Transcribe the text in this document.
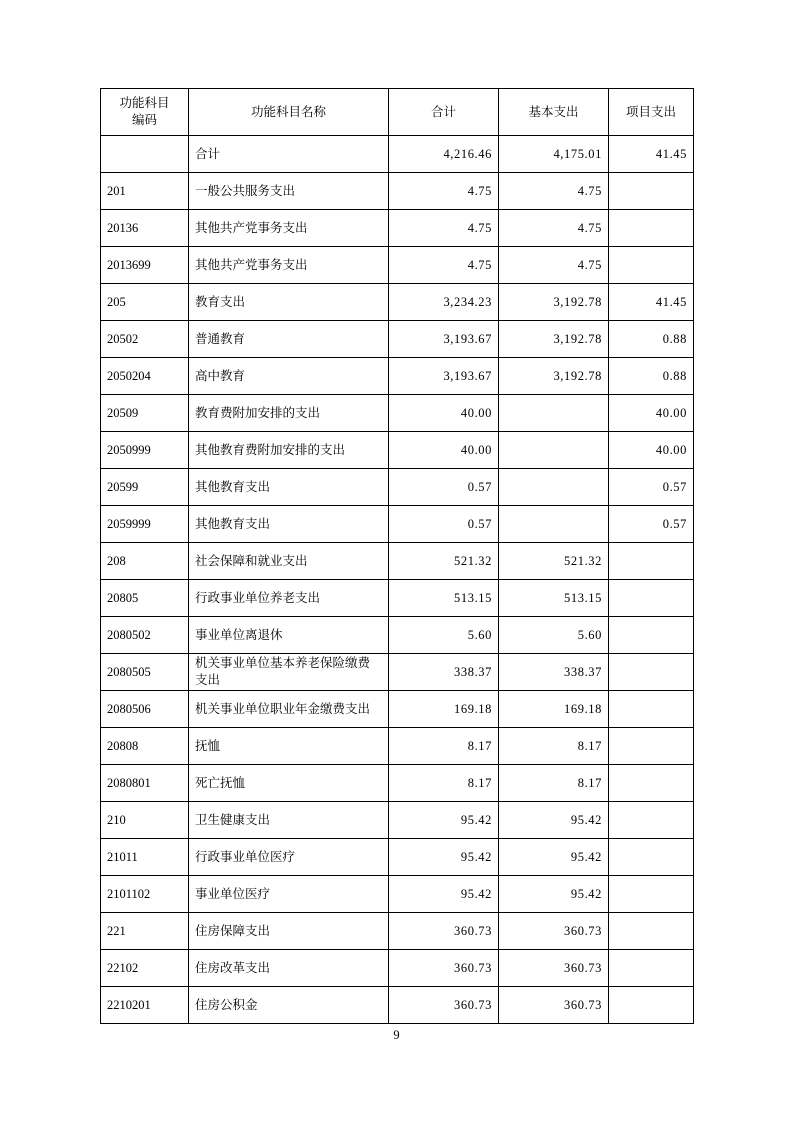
功能科目
编码	功能科目名称	合计	基本支出	项目支出
	合计	4,216.46	4,175.01	41.45
201	一般公共服务支出	4.75	4.75	
20136	其他共产党事务支出	4.75	4.75	
2013699	其他共产党事务支出	4.75	4.75	
205	教育支出	3,234.23	3,192.78	41.45
20502	普通教育	3,193.67	3,192.78	0.88
2050204	高中教育	3,193.67	3,192.78	0.88
20509	教育费附加安排的支出	40.00		40.00
2050999	其他教育费附加安排的支出	40.00		40.00
20599	其他教育支出	0.57		0.57
2059999	其他教育支出	0.57		0.57
208	社会保障和就业支出	521.32	521.32	
20805	行政事业单位养老支出	513.15	513.15	
2080502	事业单位离退休	5.60	5.60	
2080505	机关事业单位基本养老保险缴费支出	338.37	338.37	
2080506	机关事业单位职业年金缴费支出	169.18	169.18	
20808	抚恤	8.17	8.17	
2080801	死亡抚恤	8.17	8.17	
210	卫生健康支出	95.42	95.42	
21011	行政事业单位医疗	95.42	95.42	
2101102	事业单位医疗	95.42	95.42	
221	住房保障支出	360.73	360.73	
22102	住房改革支出	360.73	360.73	
2210201	住房公积金	360.73	360.73	
9
